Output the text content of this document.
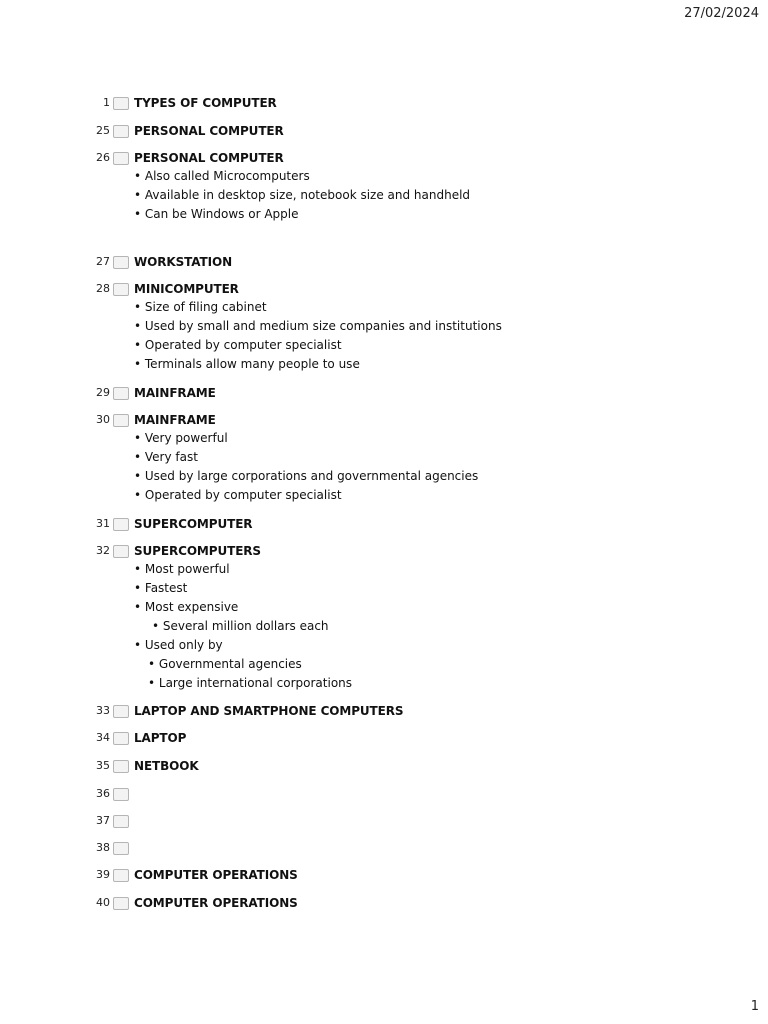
27/02/2024
1 TYPES OF COMPUTER
25 PERSONAL COMPUTER
26 PERSONAL COMPUTER
• Also called Microcomputers
• Available in desktop size, notebook size and handheld
• Can be Windows or Apple
27 WORKSTATION
28 MINICOMPUTER
• Size of filing cabinet
• Used by small and medium size companies and institutions
• Operated by computer specialist
• Terminals allow many people to use
29 MAINFRAME
30 MAINFRAME
• Very powerful
• Very fast
• Used by large corporations and governmental agencies
• Operated by computer specialist
31 SUPERCOMPUTER
32 SUPERCOMPUTERS
• Most powerful
• Fastest
• Most expensive
• Several million dollars each
• Used only by
• Governmental agencies
• Large international corporations
33 LAPTOP AND SMARTPHONE COMPUTERS
34 LAPTOP
35 NETBOOK
36
37
38
39 COMPUTER OPERATIONS
40 COMPUTER OPERATIONS
1
